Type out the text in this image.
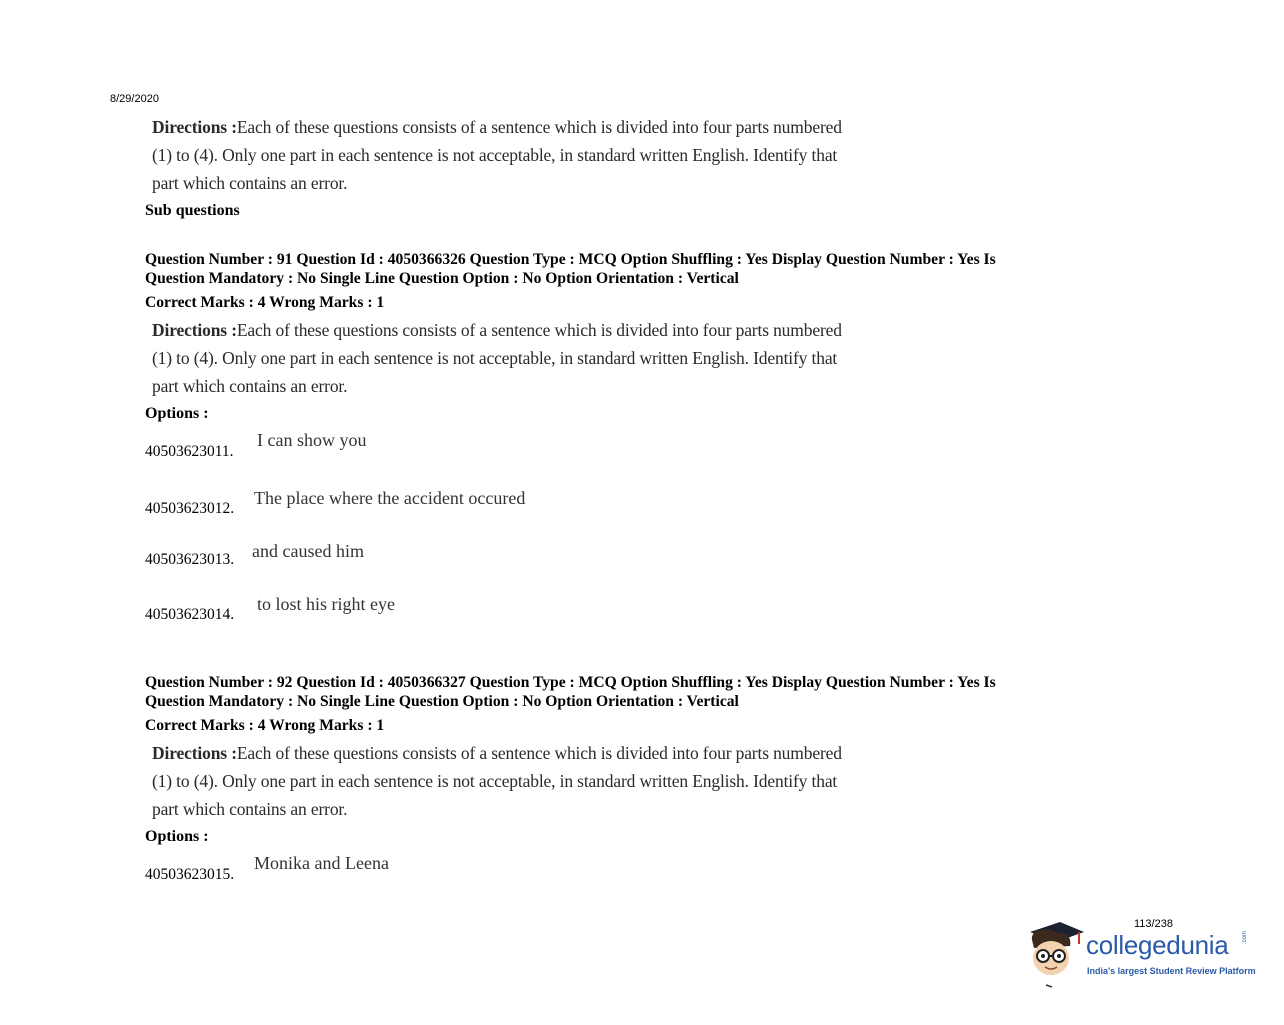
8/29/2020
Directions :Each of these questions consists of a sentence which is divided into four parts numbered
(1) to (4). Only one part in each sentence is not acceptable, in standard written English. Identify that
part which contains an error.
Sub questions
Question Number : 91 Question Id : 4050366326 Question Type : MCQ Option Shuffling : Yes Display Question Number : Yes Is
Question Mandatory : No Single Line Question Option : No Option Orientation : Vertical
Correct Marks : 4 Wrong Marks : 1
Directions :Each of these questions consists of a sentence which is divided into four parts numbered
(1) to (4). Only one part in each sentence is not acceptable, in standard written English. Identify that
part which contains an error.
Options :
40503623011.
I can show you
40503623012.
The place where the accident occured
40503623013. and caused him
40503623014.
to lost his right eye
Question Number : 92 Question Id : 4050366327 Question Type : MCQ Option Shuffling : Yes Display Question Number : Yes Is
Question Mandatory : No Single Line Question Option : No Option Orientation : Vertical
Correct Marks : 4 Wrong Marks : 1
Directions :Each of these questions consists of a sentence which is divided into four parts numbered
(1) to (4). Only one part in each sentence is not acceptable, in standard written English. Identify that
part which contains an error.
Options :
40503623015.
Monika and Leena
113/238
collegedunia .com
India's largest Student Review Platform
